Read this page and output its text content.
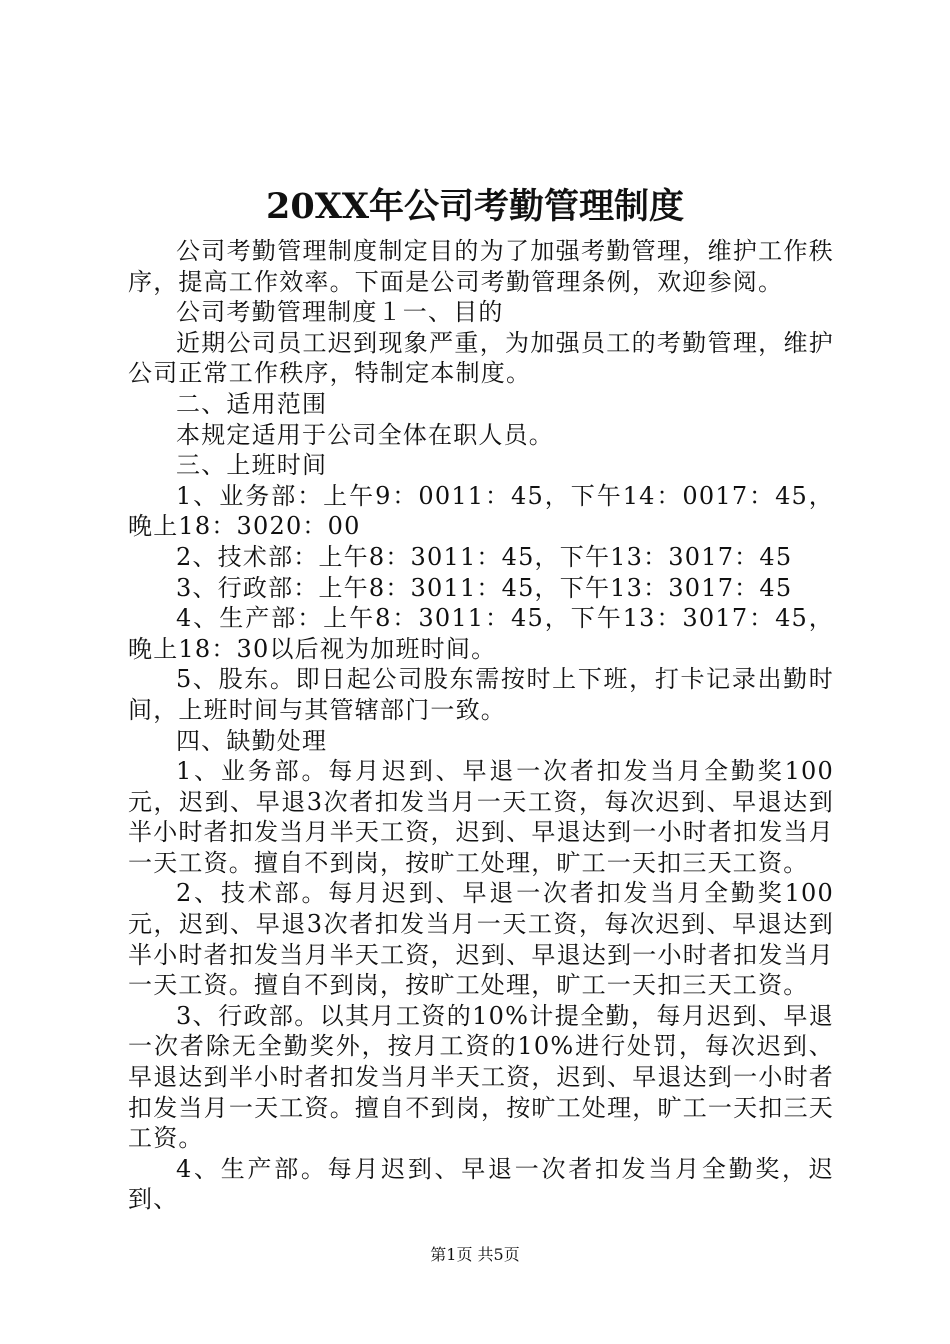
20XX年公司考勤管理制度

公司考勤管理制度制定目的为了加强考勤管理，维护工作秩序，提高工作效率。下面是公司考勤管理条例，欢迎参阅。

公司考勤管理制度１一、目的

近期公司员工迟到现象严重，为加强员工的考勤管理，维护公司正常工作秩序，特制定本制度。

二、适用范围

本规定适用于公司全体在职人员。

三、上班时间

1、业务部：上午9：0011：45，下午14：0017：45，晚上18：3020：00

2、技术部：上午8：3011：45，下午13：3017：45

3、行政部：上午8：3011：45，下午13：3017：45

4、生产部：上午8：3011：45，下午13：3017：45，晚上18：30以后视为加班时间。

5、股东。即日起公司股东需按时上下班，打卡记录出勤时间，上班时间与其管辖部门一致。

四、缺勤处理

1、业务部。每月迟到、早退一次者扣发当月全勤奖100元，迟到、早退3次者扣发当月一天工资，每次迟到、早退达到半小时者扣发当月半天工资，迟到、早退达到一小时者扣发当月一天工资。擅自不到岗，按旷工处理，旷工一天扣三天工资。

2、技术部。每月迟到、早退一次者扣发当月全勤奖100元，迟到、早退3次者扣发当月一天工资，每次迟到、早退达到半小时者扣发当月半天工资，迟到、早退达到一小时者扣发当月一天工资。擅自不到岗，按旷工处理，旷工一天扣三天工资。

3、行政部。以其月工资的10%计提全勤，每月迟到、早退一次者除无全勤奖外，按月工资的10%进行处罚，每次迟到、早退达到半小时者扣发当月半天工资，迟到、早退达到一小时者扣发当月一天工资。擅自不到岗，按旷工处理，旷工一天扣三天工资。

4、生产部。每月迟到、早退一次者扣发当月全勤奖，迟到、

第1页 共5页
